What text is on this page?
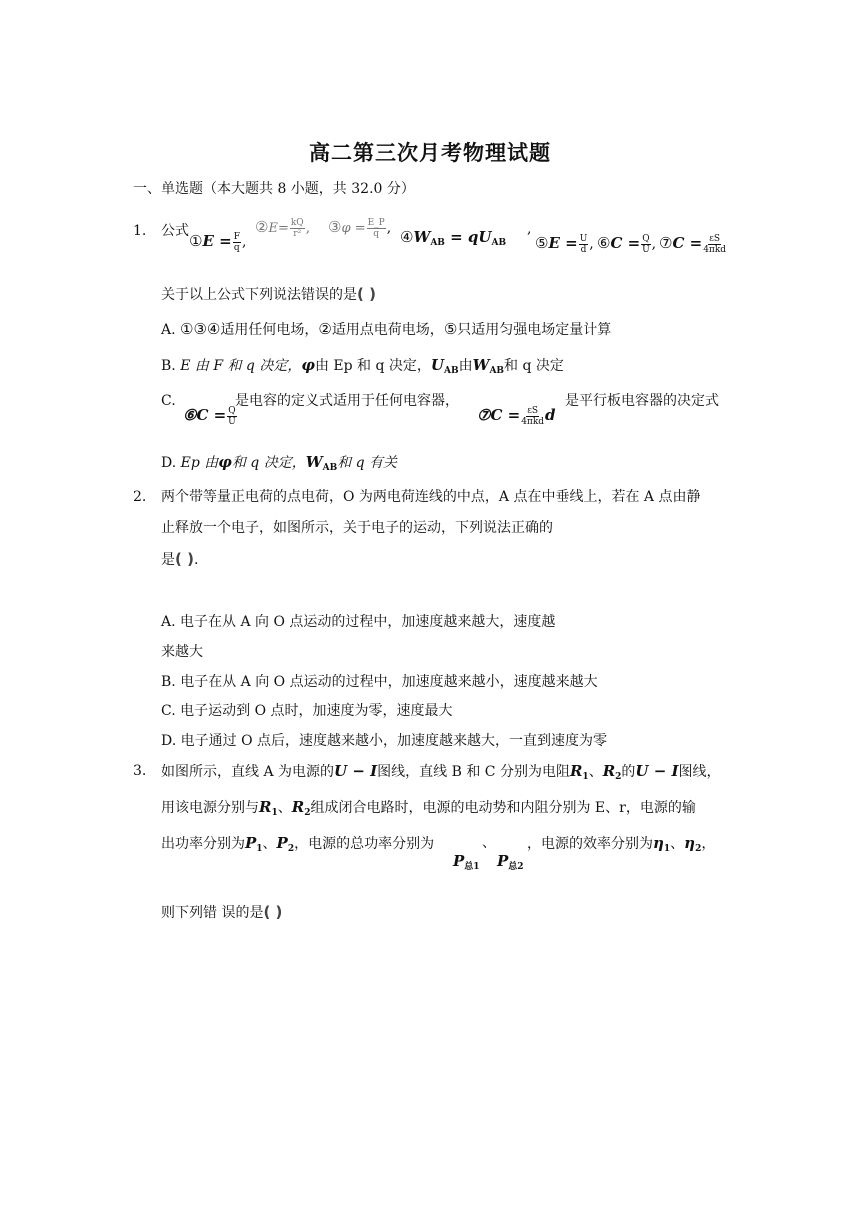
高二第三次月考物理试题
一、单选题（本大题共 8 小题，共 32.0 分）
1. 公式
①E = $\frac{F}{q}$ ,
②E= $\frac{kQ}{\text{r²}}$ , ③φ = $\frac{E\_P}{q}$ , $④W_{AB} = qU_{AB}$
,
⑤E = $\frac{U}{d}$ , ⑥C = $\frac{Q}{U}$ , ⑦C = $\frac{\varepsilon S}{\text{4πkd}}$
关于以上公式下列说法错误的是( )
A. ①③④适用任何电场，②适用点电荷电场，⑤只适用匀强电场定量计算
B. E 由 F 和 q 决定，φ由 Ep 和 q 决定，$U_{AB}$由$W_{AB}$和 q 决定
C.
⑥C = $\frac{Q}{U}$
是电容的定义式适用于任何电容器，
⑦C = $\frac{\varepsilon S}{\text{4πkd}}$ d
是平行板电容器的决定式
D. Ep 由φ和 q 决定，$W_{AB}$和 q 有关
2. 两个带等量正电荷的点电荷，O 为两电荷连线的中点，A 点在中垂线上，若在 A 点由静
止释放一个电子，如图所示，关于电子的运动，下列说法正确的
是( ).
A. 电子在从 A 向 O 点运动的过程中，加速度越来越大，速度越
来越大
B. 电子在从 A 向 O 点运动的过程中，加速度越来越小，速度越来越大
C. 电子运动到 O 点时，加速度为零，速度最大
D. 电子通过 O 点后，速度越来越小，加速度越来越大，一直到速度为零
3. 如图所示，直线 A 为电源的U − I图线，直线 B 和 C 分别为电阻$R_1$、$R_2$的U − I图线，
用该电源分别与$R_1$、$R_2$组成闭合电路时，电源的电动势和内阻分别为 E、r，电源的输
出功率分别为$P_1$、$P_2$，电源的总功率分别为	、 ，电源的效率分别为$\eta_1$、$\eta_2$，
$P_{总1}$ $P_{总2}$
则下列错 误的是( )
